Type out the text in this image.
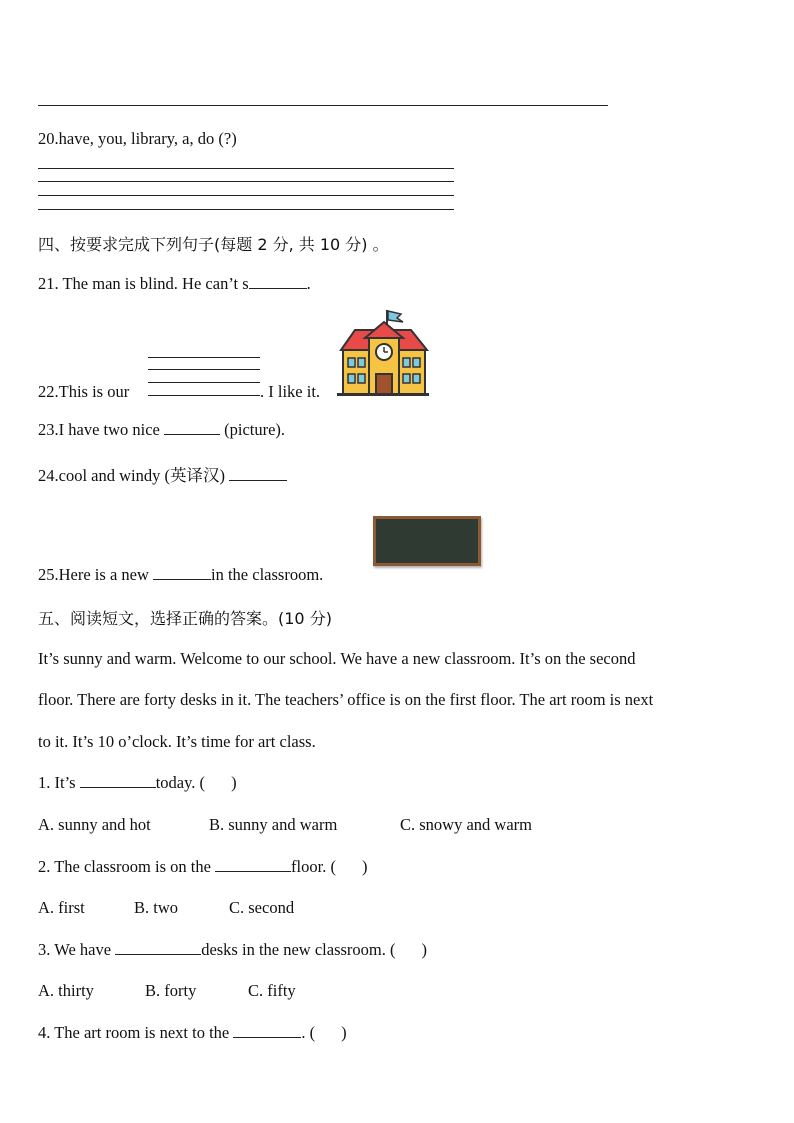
20.have, you, library, a, do (?)
四、按要求完成下列句子(每题 2 分, 共 10 分) 。
21. The man is blind. He can’t s	.
22.This is our	. I like it.
23.I have two nice	(picture).
24.cool and windy (英译汉)
25.Here is a new	in the classroom.
五、阅读短文，选择正确的答案。(10 分)
It’s sunny and warm. Welcome to our school. We have a new classroom. It’s on the second
floor. There are forty desks in it. The teachers’ office is on the first floor. The art room is next
to it. It’s 10 o’clock. It’s time for art class.
1. It’s	today. ( )
A. sunny and hot	B. sunny and warm	C. snowy and warm
2. The classroom is on the	floor. ( )
A. first	B. two	C. second
3. We have	desks in the new classroom. ( )
A. thirty	B. forty	C. fifty
4. The art room is next to the	. ( )
